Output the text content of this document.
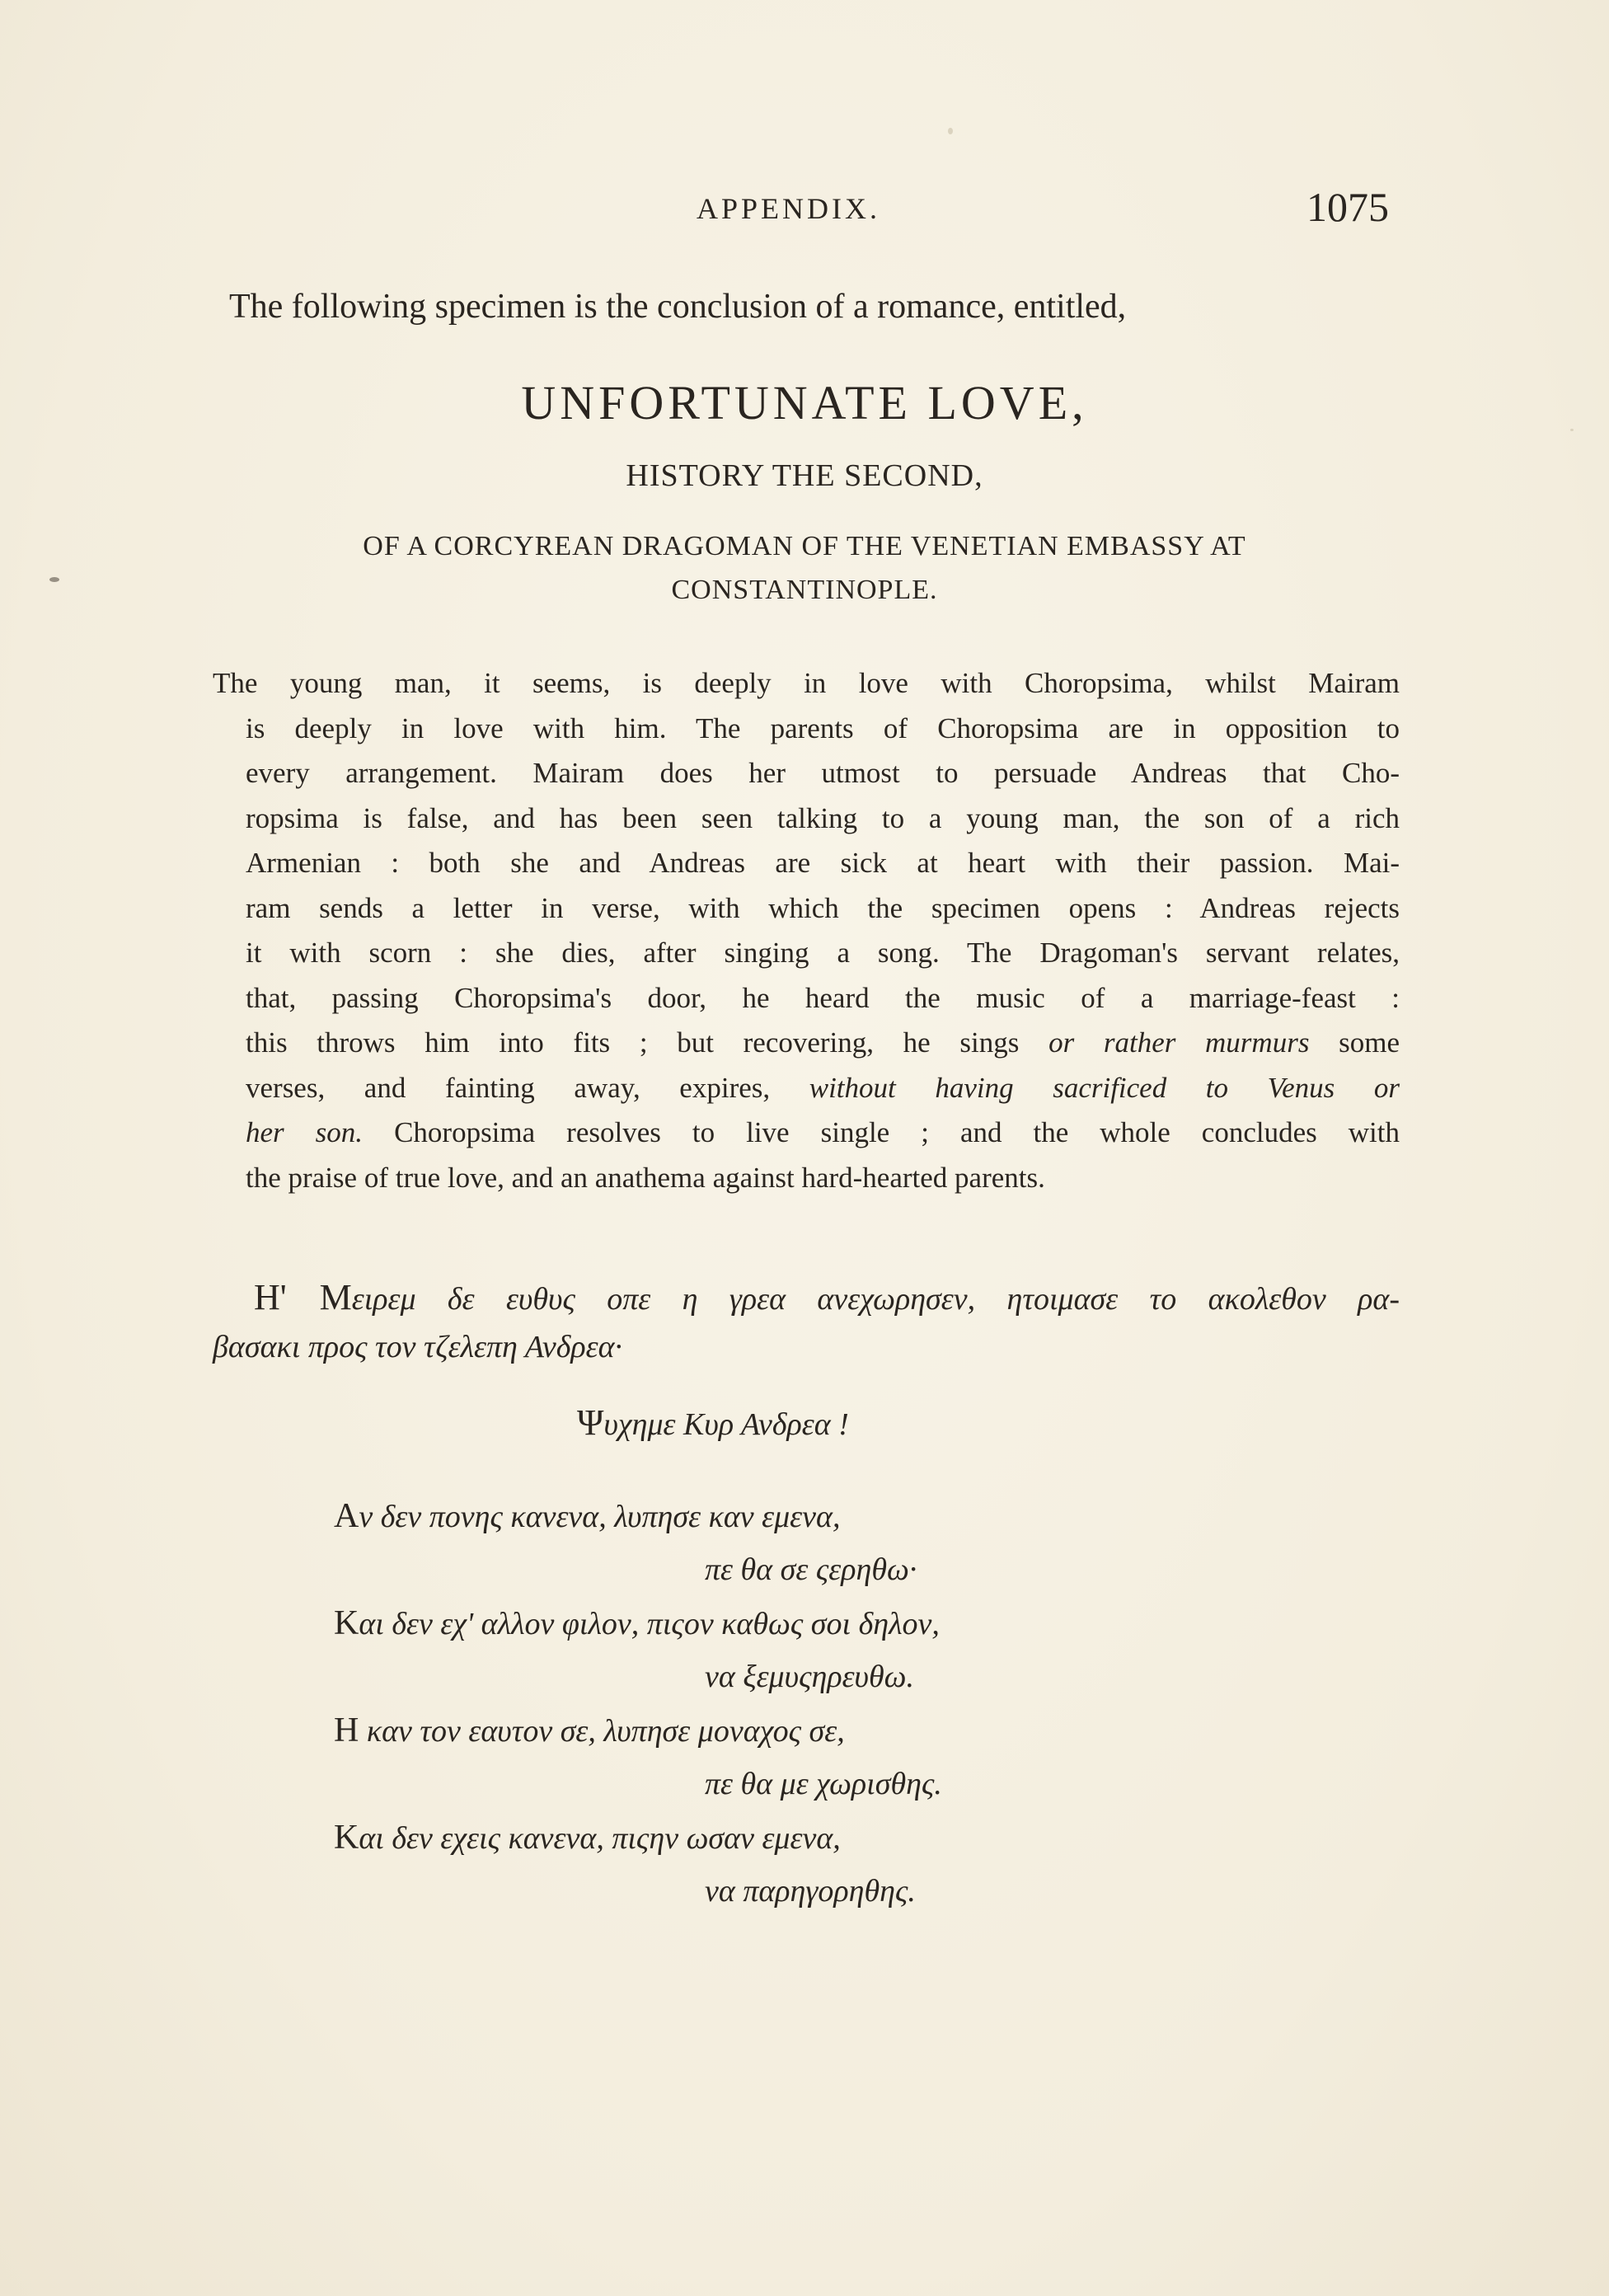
APPENDIX.	1075
The following specimen is the conclusion of a romance, entitled,
UNFORTUNATE LOVE,
HISTORY THE SECOND,
OF A CORCYREAN DRAGOMAN OF THE VENETIAN EMBASSY AT
CONSTANTINOPLE.
The young man, it seems, is deeply in love with Choropsima, whilst Mairam
is deeply in love with him. The parents of Choropsima are in opposition to
every arrangement. Mairam does her utmost to persuade Andreas that Cho-
ropsima is false, and has been seen talking to a young man, the son of a rich
Armenian : both she and Andreas are sick at heart with their passion. Mai-
ram sends a letter in verse, with which the specimen opens : Andreas rejects
it with scorn : she dies, after singing a song. The Dragoman's servant relates,
that, passing Choropsima's door, he heard the music of a marriage-feast :
this throws him into fits ; but recovering, he sings or rather murmurs some
verses, and fainting away, expires, without having sacrificed to Venus or
her son. Choropsima resolves to live single ; and the whole concludes with
the praise of true love, and an anathema against hard-hearted parents.
Η' Μειρεμ δε ευθυς οπε η γρεα ανεχωρησεν, ητοιμασε το ακολεθον ρα-
βασακι προς τον τζελεπη Ανδρεα·
Ψυχημε Κυρ Ανδρεα !
Αν δεν πονης κανενα, λυπησε καν εμενα,
πε θα σε ςερηθω·
Και δεν εχ' αλλον φιλον, πιςον καθως σοι δηλον,
να ξεμυςηρευθω.
Η καν τον εαυτον σε, λυπησε μοναχος σε,
πε θα με χωρισθης.
Και δεν εχεις κανενα, πιςην ωσαν εμενα,
να παρηγορηθης.
